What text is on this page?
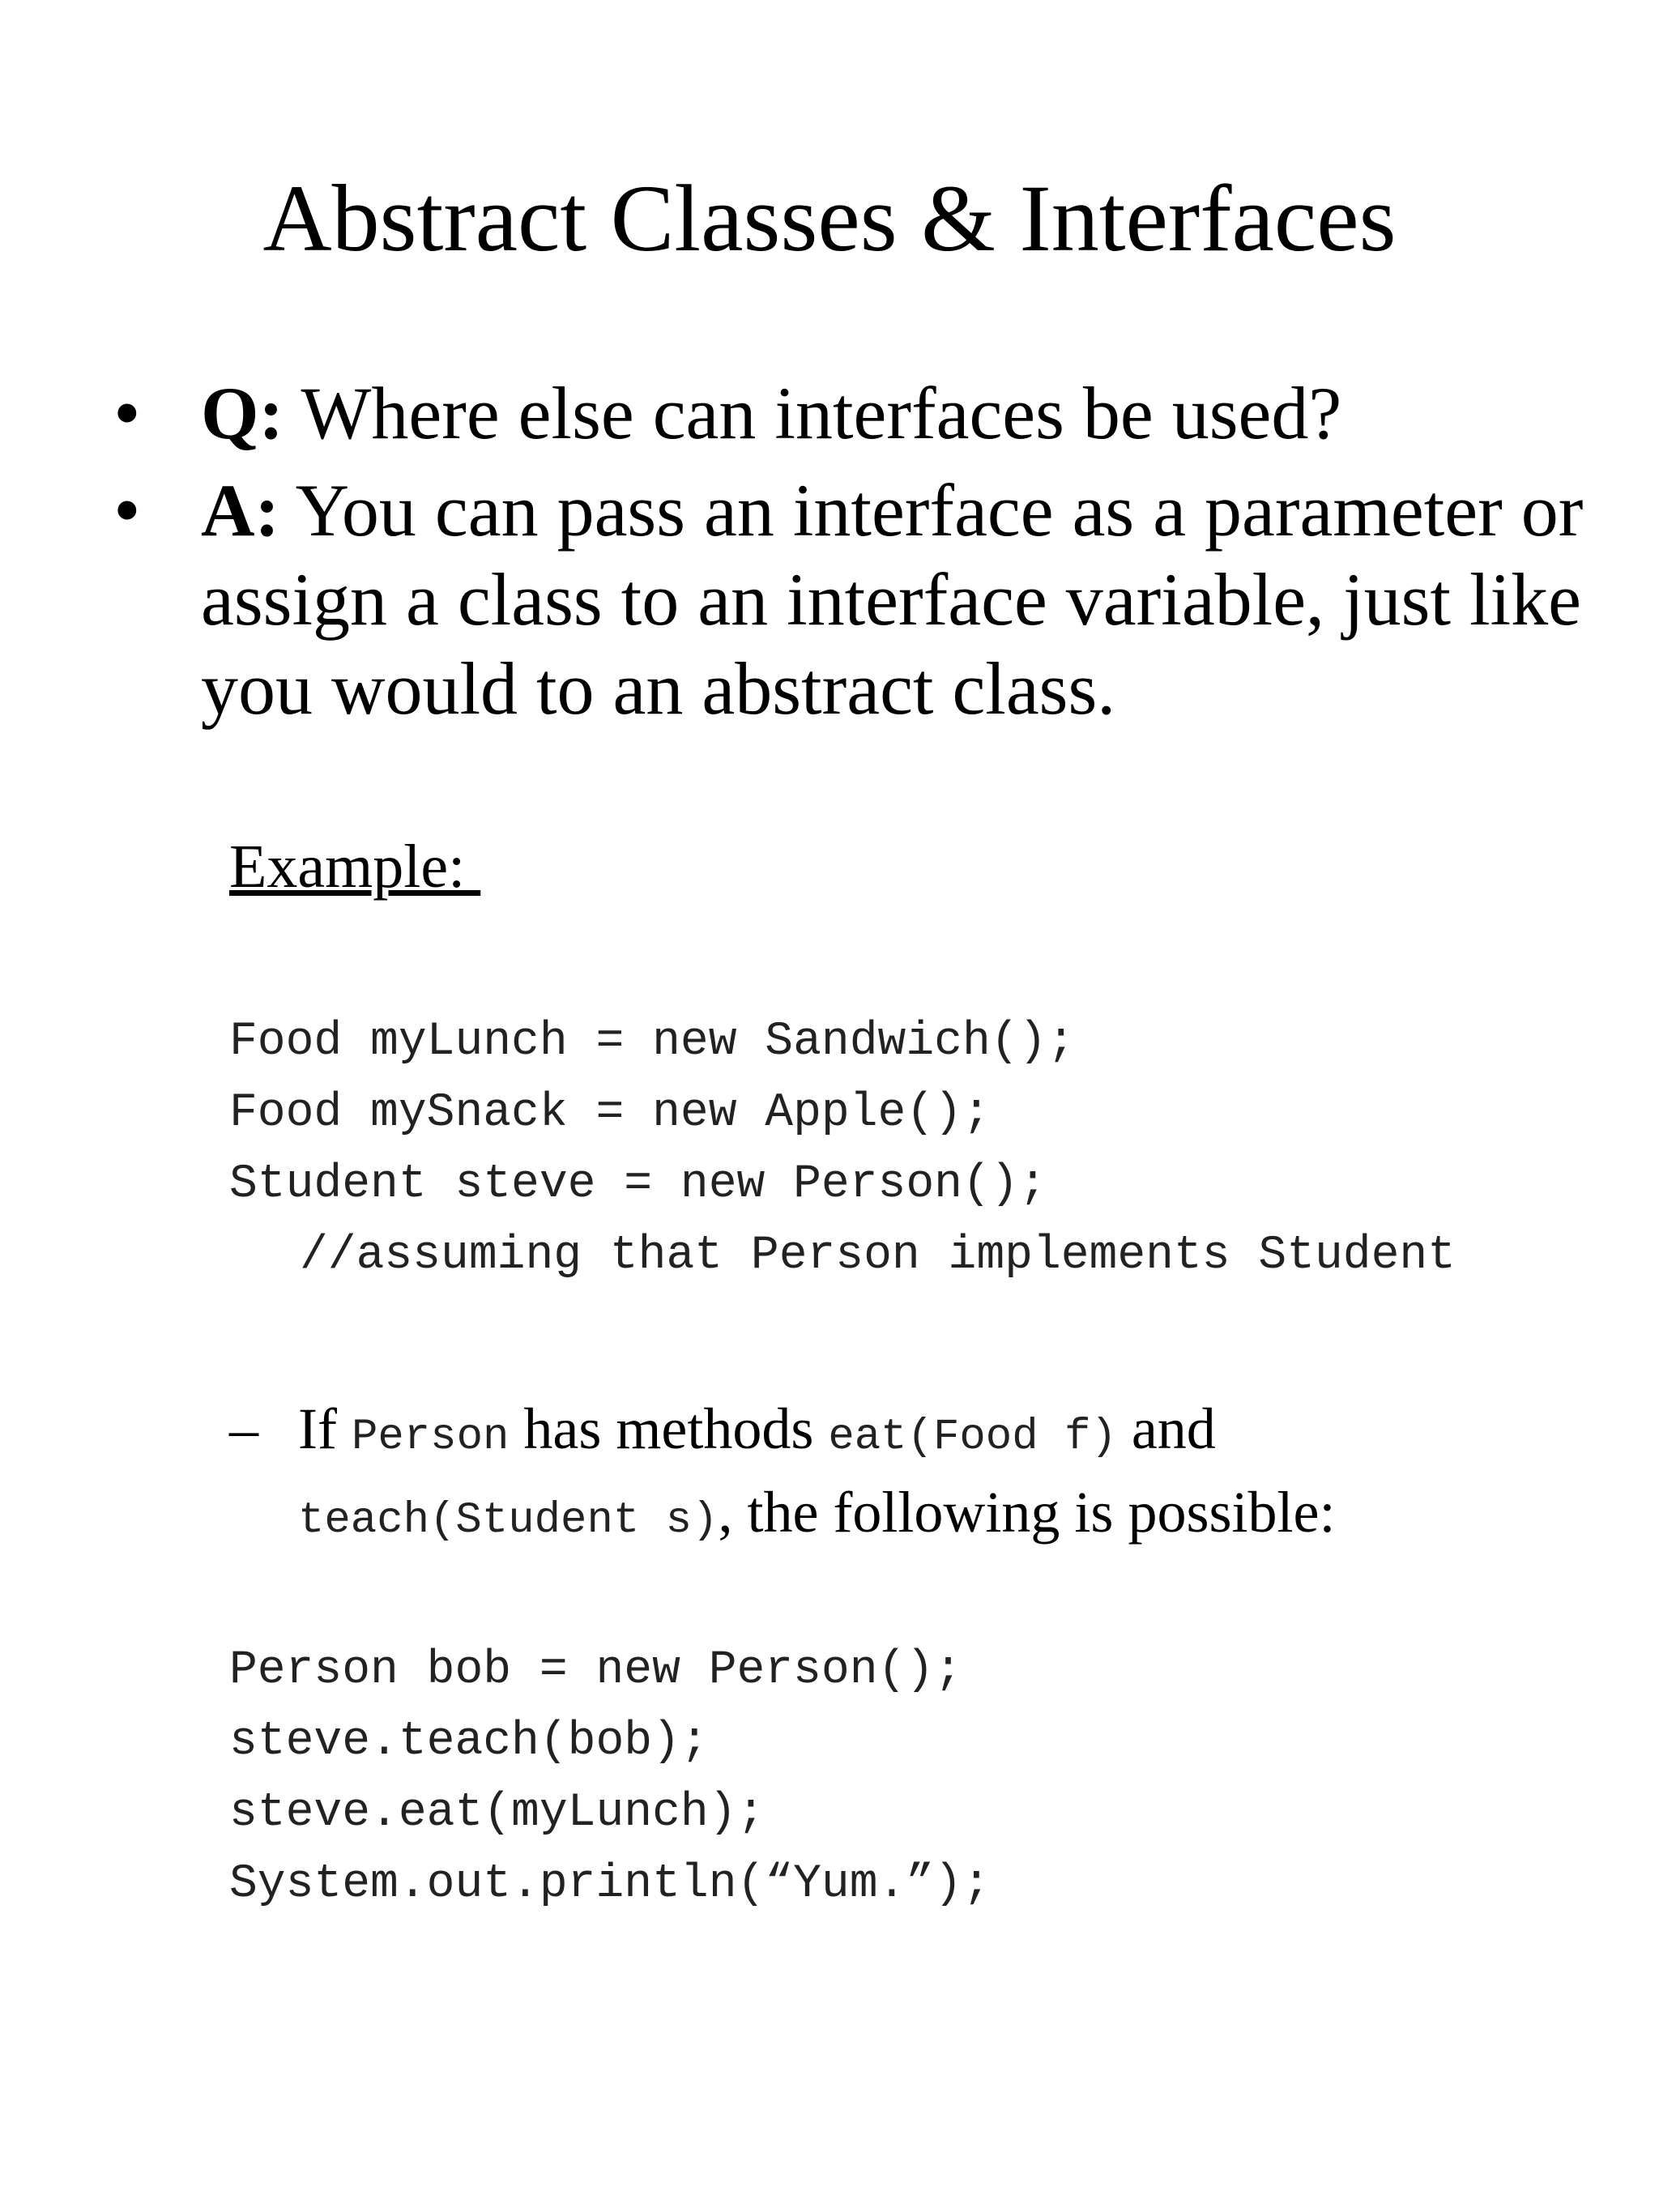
Abstract Classes & Interfaces
• Q: Where else can interfaces be used?
• A: You can pass an interface as a parameter or assign a class to an interface variable, just like you would to an abstract class.
Example:
Food myLunch = new Sandwich();
Food mySnack = new Apple();
Student steve = new Person();
//assuming that Person implements Student
– If Person has methods eat(Food f) and
teach(Student s), the following is possible:
Person bob = new Person();
steve.teach(bob);
steve.eat(myLunch);
System.out.println(“Yum.”);
